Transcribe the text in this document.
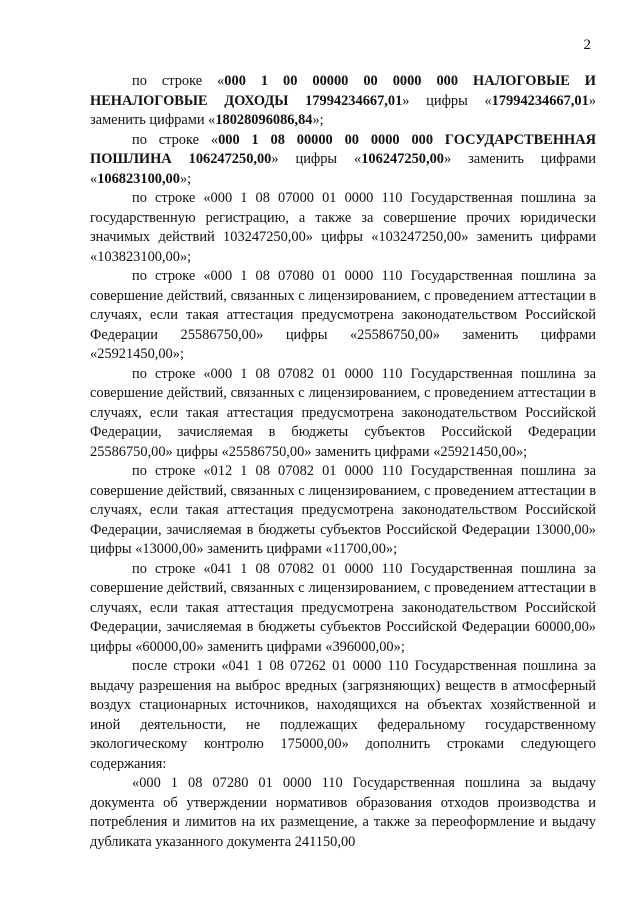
2

по строке «000 1 00 00000 00 0000 000 НАЛОГОВЫЕ И НЕНАЛОГОВЫЕ ДОХОДЫ 17994234667,01» цифры «17994234667,01» заменить цифрами «18028096086,84»;

по строке «000 1 08 00000 00 0000 000 ГОСУДАРСТВЕННАЯ ПОШЛИНА 106247250,00» цифры «106247250,00» заменить цифрами «106823100,00»;

по строке «000 1 08 07000 01 0000 110 Государственная пошлина за государственную регистрацию, а также за совершение прочих юридически значимых действий 103247250,00» цифры «103247250,00» заменить цифрами «103823100,00»;

по строке «000 1 08 07080 01 0000 110 Государственная пошлина за совершение действий, связанных с лицензированием, с проведением аттестации в случаях, если такая аттестация предусмотрена законодательством Российской Федерации 25586750,00» цифры «25586750,00» заменить цифрами «25921450,00»;

по строке «000 1 08 07082 01 0000 110 Государственная пошлина за совершение действий, связанных с лицензированием, с проведением аттестации в случаях, если такая аттестация предусмотрена законодательством Российской Федерации, зачисляемая в бюджеты субъектов Российской Федерации 25586750,00» цифры «25586750,00» заменить цифрами «25921450,00»;

по строке «012 1 08 07082 01 0000 110 Государственная пошлина за совершение действий, связанных с лицензированием, с проведением аттестации в случаях, если такая аттестация предусмотрена законодательством Российской Федерации, зачисляемая в бюджеты субъектов Российской Федерации 13000,00» цифры «13000,00» заменить цифрами «11700,00»;

по строке «041 1 08 07082 01 0000 110 Государственная пошлина за совершение действий, связанных с лицензированием, с проведением аттестации в случаях, если такая аттестация предусмотрена законодательством Российской Федерации, зачисляемая в бюджеты субъектов Российской Федерации 60000,00» цифры «60000,00» заменить цифрами «396000,00»;

после строки «041 1 08 07262 01 0000 110 Государственная пошлина за выдачу разрешения на выброс вредных (загрязняющих) веществ в атмосферный воздух стационарных источников, находящихся на объектах хозяйственной и иной деятельности, не подлежащих федеральному государственному экологическому контролю 175000,00» дополнить строками следующего содержания:

«000 1 08 07280 01 0000 110 Государственная пошлина за выдачу документа об утверждении нормативов образования отходов производства и потребления и лимитов на их размещение, а также за переоформление и выдачу дубликата указанного документа 241150,00
